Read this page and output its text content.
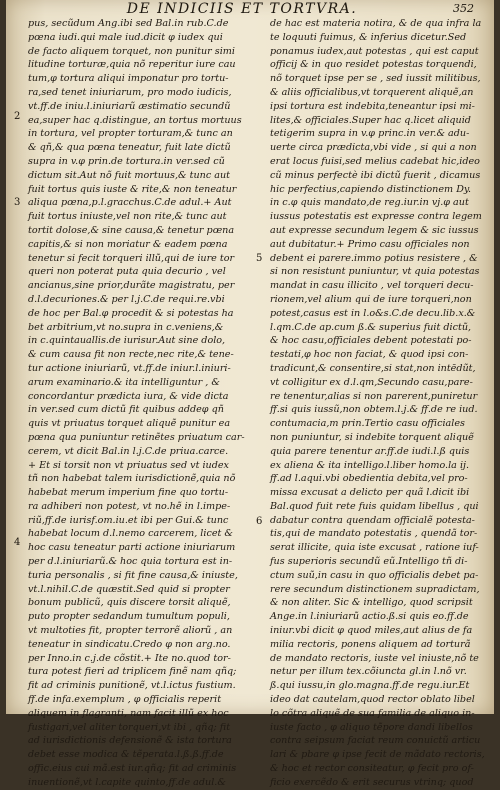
DE INDICIIS ET TORTVRA.	352
pus, secũdum Ang.ibi sed Bal.in rub.C.de
pœna iudi.qui male iud.dicit φ iudex qui
de facto aliquem torquet, non punitur simi
litudine torturæ,quia nõ reperitur iure cau
tum,φ tortura aliqui imponatur pro tortu-
ra,sed tenet iniuriarum, pro modo iudicis,
vt.ff.de iniu.l.iniuriarũ æstimatio secundũ
ea,super hac q.distingue, an tortus mortuus
in tortura, vel propter torturam,& tunc an
& qñ,& qua pœna teneatur, fuit late dictũ
supra in v.φ prin.de tortura.in ver.sed cũ
dictum sit.Aut nõ fuit mortuus,& tunc aut
fuit tortus quis iuste & rite,& non teneatur
aliqua pœna,p.l.gracchus.C.de adul.+ Aut
fuit tortus iniuste,vel non rite,& tunc aut
tortit dolose,& sine causa,& tenetur pœna
capitis,& si non moriatur & eadem pœna
tenetur si fecit torqueri illũ,qui de iure tor
queri non poterat puta quia decurio , vel
ancianus,sine prior,durãte magistratu, per
d.l.decuriones.& per l.j.C.de requi.re.vbi
de hoc per Bal.φ procedit & si potestas ha
bet arbitrium,vt no.supra in c.veniens,&
in c.quintauallis.de iurisur.Aut sine dolo,
& cum causa fit non recte,nec rite,& tene-
tur actione iniuriarũ, vt.ff.de iniur.l.iniuri-
arum examinario.& ita intelliguntur , &
concordantur prædicta iura, & vide dicta
in ver.sed cum dictũ fit quibus addeφ qñ
quis vt priuatus torquet aliquẽ punitur ea
pœna qua puniuntur retinẽtes priuatum car-
cerem, vt dicit Bal.in l.j.C.de priua.carce.
+ Et si torsit non vt priuatus sed vt iudex
tñ non habebat talem iurisdictionẽ,quia nõ
habebat merum imperium fine quo tortu-
ra adhiberi non potest, vt no.hẽ in l.impe-
riũ,ff.de iurisf.om.iu.et ibi per Gui.& tunc
habebat locum d.l.nemo carcerem, licet &
hoc casu teneatur parti actione iniuriarum
per d.l.iniuriarũ.& hoc quia tortura est in-
turia personalis , si fit fine causa,& iniuste,
vt.l.nihil.C.de quæstit.Sed quid si propter
bonum publicũ, quis discere torsit aliquẽ,
puto propter sedandum tumultum populi,
vt multoties fit, propter terrorẽ aliorũ , an
teneatur in sindicatu.Credo φ non arg.no.
per Inno.in c.j.de cõstit.+ Ite no.quod tor-
tura potest fieri ad triplicem finẽ nam qñq;
fit ad criminis punitionẽ, vt.l.ictus fustium.
ff.de infa.exemplum , φ officialis reperit
aliquem in flagranti, nam facit illũ ex hoc
fustigari,vel aliter torqueri,vt ibi , qñq; fit
ad iurisdictionis defensionẽ & ista tortura
debet esse modica & tẽperata.l.ß.ß.ff.de
offic.eius cui mã.est iur.qñq; fit ad criminis
inuentionẽ,vt l.capite quinto,ff.de adul.&
de hac est materia notira, & de qua infra la
te loquuti fuimus, & inferius dicetur.Sed
ponamus iudex,aut potestas , qui est caput
officij & in quo residet potestas torquendi,
nõ torquet ipse per se , sed iussit militibus,
& aliis officialibus,vt torquerent aliquẽ,an
ipsi tortura est indebita,teneantur ipsi mi-
lites,& officiales.Super hac q.licet aliquid
tetigerim supra in v.φ princ.in ver.& adu-
uerte circa prædicta,vbi vide , si qui a non
erat locus fuisi,sed melius cadebat hic,ideo
cũ minus perfectè ibi dictũ fuerit , dicamus
hic perfectius,capiendo distinctionem Dy.
in c.φ quis mandato,de reg.iur.in vj.φ aut
iussus potestatis est expresse contra legem
aut expresse secundum legem & sic iussus
aut dubitatur.+ Primo casu officiales non
debent ei parere.immo potius resistere , &
si non resistunt puniuntur, vt quia potestas
mandat in casu illicito , vel torqueri decu-
rionem,vel alium qui de iure torqueri,non
potest,casus est in l.o&s.C.de decu.lib.x.&
l.qm.C.de ap.cum ß.& superius fuit dictũ,
& hoc casu,officiales debent potestati po-
testati,φ hoc non faciat, & quod ipsi con-
tradicunt,& consentire,si stat,non intēdũt,
vt colligitur ex d.l.qm,Secundo casu,pare-
re tenentur,alias si non parerent,puniretur
ff.si quis iussũ,non obtem.l.j.& ff.de re iud.
contumacia,m prin.Tertio casu officiales
non puniuntur, si indebite torquent aliquẽ
quia parere tenentur ar.ff.de iudi.l.ß quis
ex aliena & ita intelligo.l.liber homo.la ij.
ff.ad l.aqui.vbi obedientia debita,vel pro-
missa excusat a delicto per quã l.dicit ibi
Bal.quod fuit rete fuis quidam libellus , qui
dabatur contra quendam officialẽ potesta-
tis,qui de mandato potestatis , quendã tor-
serat illicite, quia iste excusat , ratione iuf-
fus superioris secundũ eũ.Intelligo tñ di-
ctum suũ,in casu in quo officialis debet pa-
rere secundum distinctionem supradictam,
& non aliter. Sic & intelligo, quod scripsit
Ange.in l.iniuriarũ actio.ß.si quis eo.ff.de
iniur.vbi dicit φ quod miles,aut alius de fa
milia rectoris, ponens aliquem ad torturã
de mandato rectoris, iuste vel iniuste,nõ te
netur per illum tex.cõiuncta gl.in l.nõ vr.
ß.qui iussu,in glo.magna.ff.de regu.iur.Et
ideo dat cautelam,quod rector oblato libel
lo cõtra aliquẽ de sua familia de aliquo in-
iuste facto , φ aliquo tẽpore dandi libellos
contra seipsum faciat reum conuictũ articu
lari & pbare φ ipse fecit de mãdato rectoris,
& hoc et rector consiteatur, φ fecit pro of-
ficio exercẽdo & erit securus vtrinq; quod
2
3
4
5
6
